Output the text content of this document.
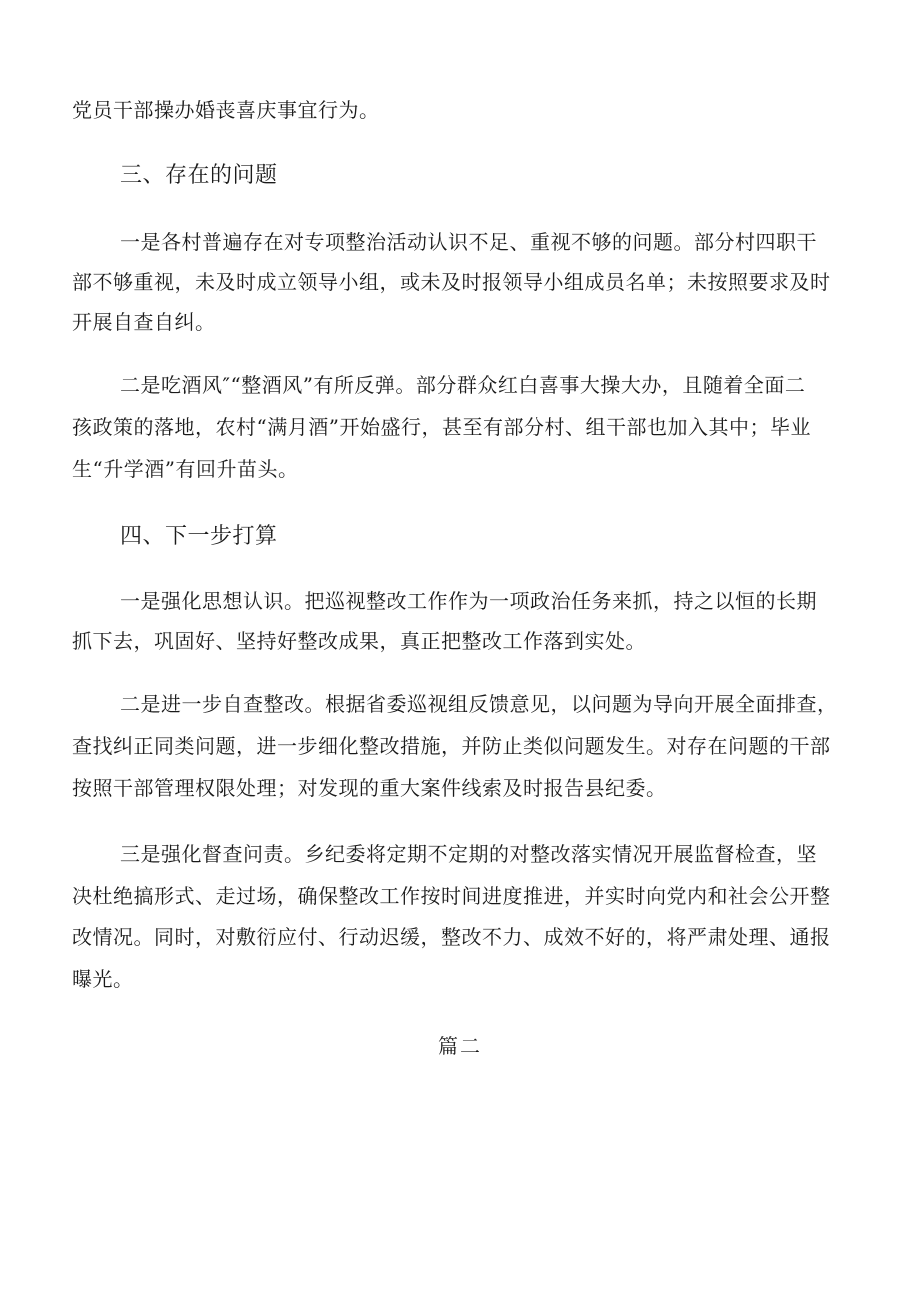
党员干部操办婚丧喜庆事宜行为。
三、存在的问题
一是各村普遍存在对专项整治活动认识不足、重视不够的问题。部分村四职干
部不够重视，未及时成立领导小组，或未及时报领导小组成员名单；未按照要求及时
开展自查自纠。
二是吃酒风″“整酒风”有所反弹。部分群众红白喜事大操大办，且随着全面二
孩政策的落地，农村“满月酒”开始盛行，甚至有部分村、组干部也加入其中；毕业
生“升学酒”有回升苗头。
四、下一步打算
一是强化思想认识。把巡视整改工作作为一项政治任务来抓，持之以恒的长期
抓下去，巩固好、坚持好整改成果，真正把整改工作落到实处。
二是进一步自查整改。根据省委巡视组反馈意见，以问题为导向开展全面排查，
查找纠正同类问题，进一步细化整改措施，并防止类似问题发生。对存在问题的干部
按照干部管理权限处理；对发现的重大案件线索及时报告县纪委。
三是强化督查问责。乡纪委将定期不定期的对整改落实情况开展监督检查，坚
决杜绝搞形式、走过场，确保整改工作按时间进度推进，并实时向党内和社会公开整
改情况。同时，对敷衍应付、行动迟缓，整改不力、成效不好的，将严肃处理、通报
曝光。
篇二
